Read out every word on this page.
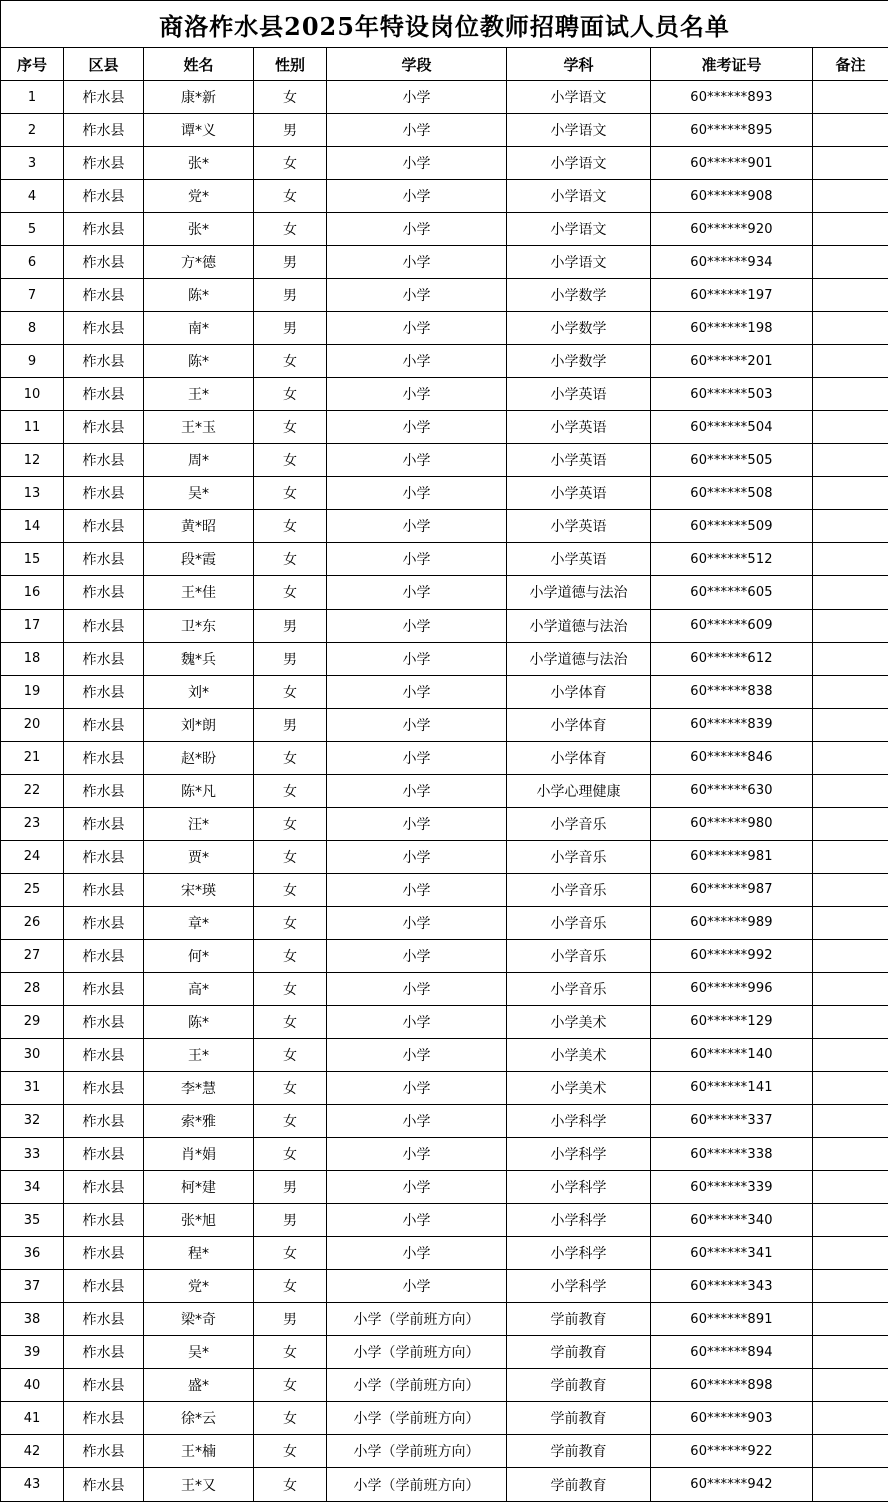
商洛柞水县2025年特设岗位教师招聘面试人员名单							
序号	区县	姓名	性别	学段	学科	准考证号	备注
1	柞水县	康*新	女	小学	小学语文	60******893	
2	柞水县	谭*义	男	小学	小学语文	60******895	
3	柞水县	张*	女	小学	小学语文	60******901	
4	柞水县	党*	女	小学	小学语文	60******908	
5	柞水县	张*	女	小学	小学语文	60******920	
6	柞水县	方*德	男	小学	小学语文	60******934	
7	柞水县	陈*	男	小学	小学数学	60******197	
8	柞水县	南*	男	小学	小学数学	60******198	
9	柞水县	陈*	女	小学	小学数学	60******201	
10	柞水县	王*	女	小学	小学英语	60******503	
11	柞水县	王*玉	女	小学	小学英语	60******504	
12	柞水县	周*	女	小学	小学英语	60******505	
13	柞水县	吴*	女	小学	小学英语	60******508	
14	柞水县	黄*昭	女	小学	小学英语	60******509	
15	柞水县	段*霞	女	小学	小学英语	60******512	
16	柞水县	王*佳	女	小学	小学道德与法治	60******605	
17	柞水县	卫*东	男	小学	小学道德与法治	60******609	
18	柞水县	魏*兵	男	小学	小学道德与法治	60******612	
19	柞水县	刘*	女	小学	小学体育	60******838	
20	柞水县	刘*朗	男	小学	小学体育	60******839	
21	柞水县	赵*盼	女	小学	小学体育	60******846	
22	柞水县	陈*凡	女	小学	小学心理健康	60******630	
23	柞水县	汪*	女	小学	小学音乐	60******980	
24	柞水县	贾*	女	小学	小学音乐	60******981	
25	柞水县	宋*瑛	女	小学	小学音乐	60******987	
26	柞水县	章*	女	小学	小学音乐	60******989	
27	柞水县	何*	女	小学	小学音乐	60******992	
28	柞水县	高*	女	小学	小学音乐	60******996	
29	柞水县	陈*	女	小学	小学美术	60******129	
30	柞水县	王*	女	小学	小学美术	60******140	
31	柞水县	李*慧	女	小学	小学美术	60******141	
32	柞水县	索*雅	女	小学	小学科学	60******337	
33	柞水县	肖*娟	女	小学	小学科学	60******338	
34	柞水县	柯*建	男	小学	小学科学	60******339	
35	柞水县	张*旭	男	小学	小学科学	60******340	
36	柞水县	程*	女	小学	小学科学	60******341	
37	柞水县	党*	女	小学	小学科学	60******343	
38	柞水县	梁*奇	男	小学（学前班方向）	学前教育	60******891	
39	柞水县	吴*	女	小学（学前班方向）	学前教育	60******894	
40	柞水县	盛*	女	小学（学前班方向）	学前教育	60******898	
41	柞水县	徐*云	女	小学（学前班方向）	学前教育	60******903	
42	柞水县	王*楠	女	小学（学前班方向）	学前教育	60******922	
43	柞水县	王*又	女	小学（学前班方向）	学前教育	60******942	
